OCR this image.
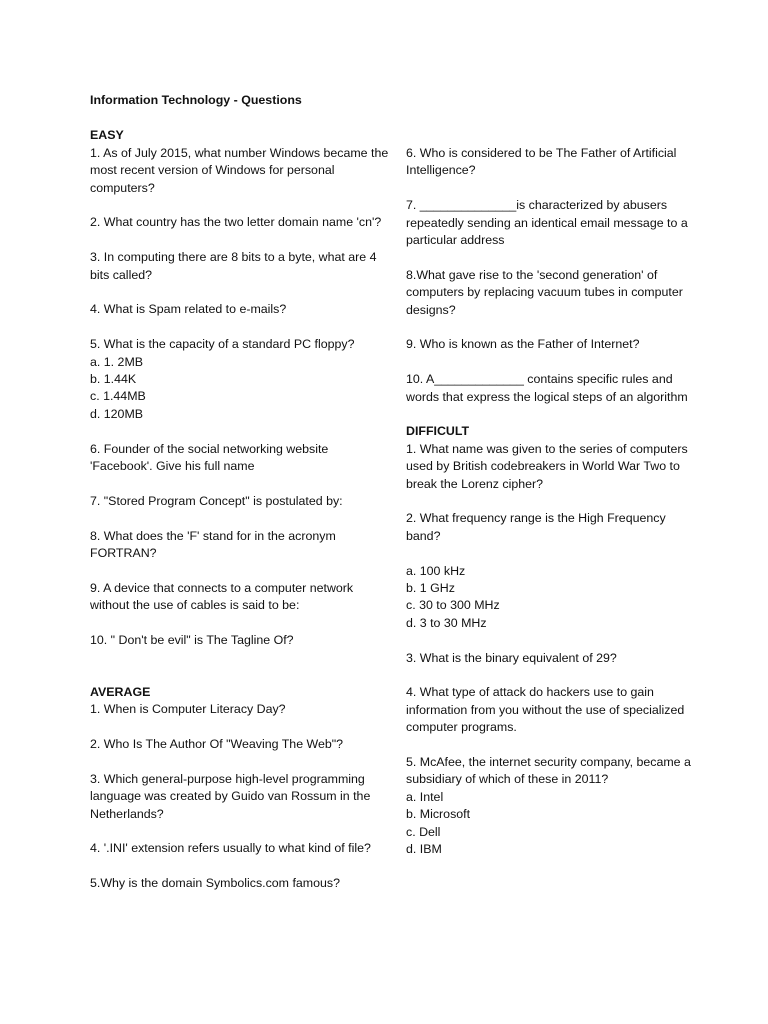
Information Technology - Questions
EASY
1. As of July 2015, what number Windows became the most recent version of Windows for personal computers?
2. What country has the two letter domain name 'cn'?
3. In computing there are 8 bits to a byte, what are 4 bits called?
4. What is Spam related to e-mails?
5. What is the capacity of a standard PC floppy?
a. 1. 2MB
b. 1.44K
c. 1.44MB
d. 120MB
6. Founder of the social networking website 'Facebook'. Give his full name
7. "Stored Program Concept" is postulated by:
8. What does the 'F' stand for in the acronym FORTRAN?
9. A device that connects to a computer network without the use of cables is said to be:
10. " Don't be evil" is The Tagline Of?
AVERAGE
1. When is Computer Literacy Day?
2. Who Is The Author Of "Weaving The Web"?
3. Which general-purpose high-level programming language was created by Guido van Rossum in the Netherlands?
4. '.INI' extension refers usually to what kind of file?
5.Why is the domain Symbolics.com famous?
6. Who is considered to be The Father of Artificial Intelligence?
7. ______________is characterized by abusers repeatedly sending an identical email message to a particular address
8.What gave rise to the 'second generation' of computers by replacing vacuum tubes in computer designs?
9. Who is known as the Father of Internet?
10. A_____________ contains specific rules and words that express the logical steps of an algorithm
DIFFICULT
1. What name was given to the series of computers used by British codebreakers in World War Two to break the Lorenz cipher?
2. What frequency range is the High Frequency band?
a. 100 kHz
b. 1 GHz
c. 30 to 300 MHz
d. 3 to 30 MHz
3. What is the binary equivalent of 29?
4. What type of attack do hackers use to gain information from you without the use of specialized computer programs.
5. McAfee, the internet security company, became a subsidiary of which of these in 2011?
a. Intel
b. Microsoft
c. Dell
d. IBM
